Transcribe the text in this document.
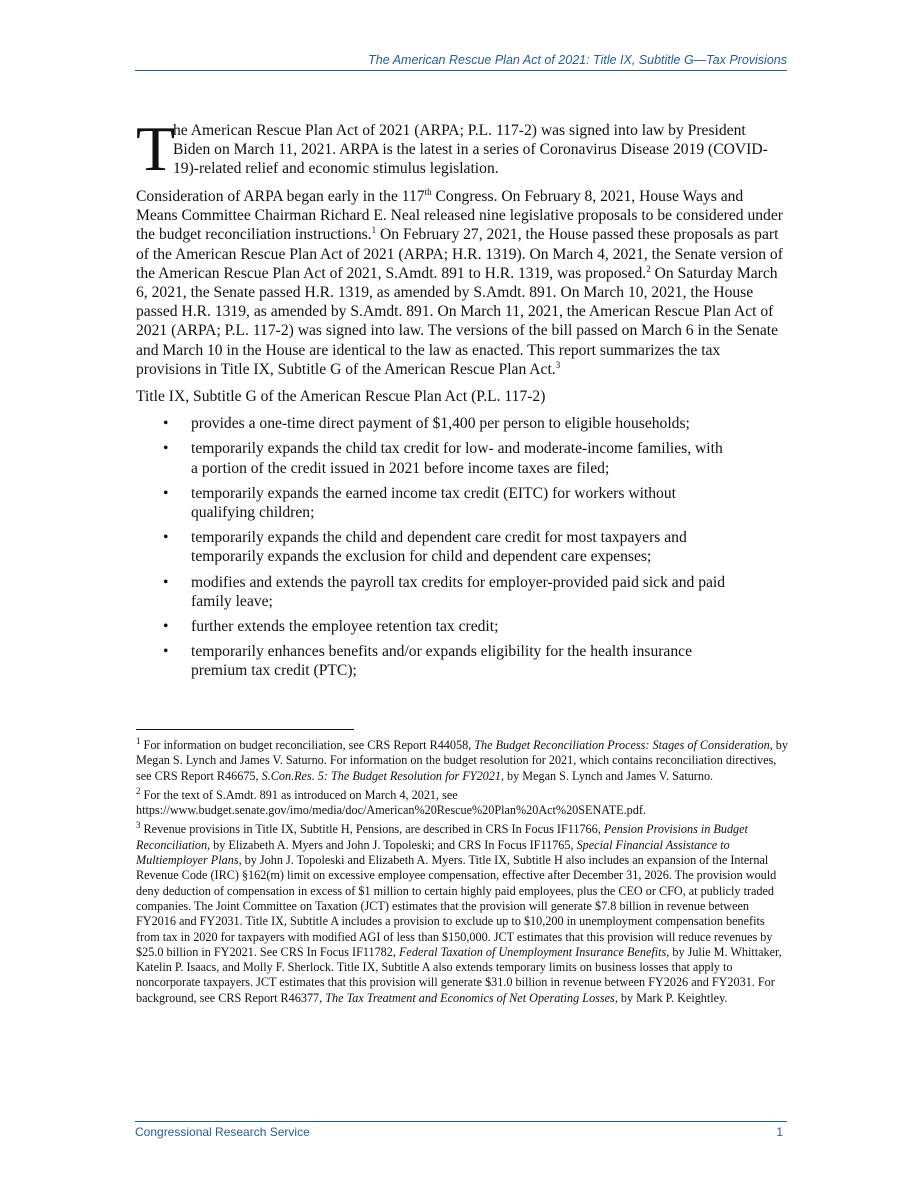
The American Rescue Plan Act of 2021: Title IX, Subtitle G—Tax Provisions
T
he American Rescue Plan Act of 2021 (ARPA; P.L. 117-2) was signed into law by President Biden on March 11, 2021. ARPA is the latest in a series of Coronavirus Disease 2019 (COVID-19)-related relief and economic stimulus legislation.

Consideration of ARPA began early in the 117th Congress. On February 8, 2021, House Ways and Means Committee Chairman Richard E. Neal released nine legislative proposals to be considered under the budget reconciliation instructions.$^1$ On February 27, 2021, the House passed these proposals as part of the American Rescue Plan Act of 2021 (ARPA; H.R. 1319). On March 4, 2021, the Senate version of the American Rescue Plan Act of 2021, S.Amdt. 891 to H.R. 1319, was proposed.$^2$ On Saturday March 6, 2021, the Senate passed H.R. 1319, as amended by S.Amdt. 891. On March 10, 2021, the House passed H.R. 1319, as amended by S.Amdt. 891. On March 11, 2021, the American Rescue Plan Act of 2021 (ARPA; P.L. 117-2) was signed into law. The versions of the bill passed on March 6 in the Senate and March 10 in the House are identical to the law as enacted. This report summarizes the tax provisions in Title IX, Subtitle G of the American Rescue Plan Act.$^3$

Title IX, Subtitle G of the American Rescue Plan Act (P.L. 117-2)

• provides a one-time direct payment of $1,400 per person to eligible households;
• temporarily expands the child tax credit for low- and moderate-income families, with a portion of the credit issued in 2021 before income taxes are filed;
• temporarily expands the earned income tax credit (EITC) for workers without qualifying children;
• temporarily expands the child and dependent care credit for most taxpayers and temporarily expands the exclusion for child and dependent care expenses;
• modifies and extends the payroll tax credits for employer-provided paid sick and paid family leave;
• further extends the employee retention tax credit;
• temporarily enhances benefits and/or expands eligibility for the health insurance premium tax credit (PTC);
$^1$ For information on budget reconciliation, see CRS Report R44058, The Budget Reconciliation Process: Stages of Consideration, by Megan S. Lynch and James V. Saturno. For information on the budget resolution for 2021, which contains reconciliation directives, see CRS Report R46675, S.Con.Res. 5: The Budget Resolution for FY2021, by Megan S. Lynch and James V. Saturno.
$^2$ For the text of S.Amdt. 891 as introduced on March 4, 2021, see https://www.budget.senate.gov/imo/media/doc/American%20Rescue%20Plan%20Act%20SENATE.pdf.
$^3$ Revenue provisions in Title IX, Subtitle H, Pensions, are described in CRS In Focus IF11766, Pension Provisions in Budget Reconciliation, by Elizabeth A. Myers and John J. Topoleski; and CRS In Focus IF11765, Special Financial Assistance to Multiemployer Plans, by John J. Topoleski and Elizabeth A. Myers. Title IX, Subtitle H also includes an expansion of the Internal Revenue Code (IRC) §162(m) limit on excessive employee compensation, effective after December 31, 2026. The provision would deny deduction of compensation in excess of $1 million to certain highly paid employees, plus the CEO or CFO, at publicly traded companies. The Joint Committee on Taxation (JCT) estimates that the provision will generate $7.8 billion in revenue between FY2016 and FY2031. Title IX, Subtitle A includes a provision to exclude up to $10,200 in unemployment compensation benefits from tax in 2020 for taxpayers with modified AGI of less than $150,000. JCT estimates that this provision will reduce revenues by $25.0 billion in FY2021. See CRS In Focus IF11782, Federal Taxation of Unemployment Insurance Benefits, by Julie M. Whittaker, Katelin P. Isaacs, and Molly F. Sherlock. Title IX, Subtitle A also extends temporary limits on business losses that apply to noncorporate taxpayers. JCT estimates that this provision will generate $31.0 billion in revenue between FY2026 and FY2031. For background, see CRS Report R46377, The Tax Treatment and Economics of Net Operating Losses, by Mark P. Keightley.
Congressional Research Service	1
